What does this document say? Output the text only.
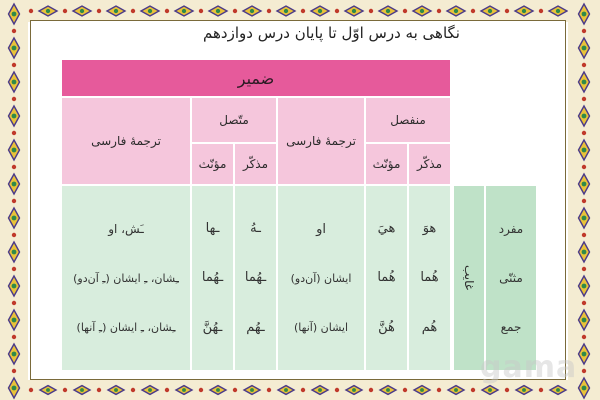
نگاهی به درس اوّل تا پایان درس دوازدهم
ضمیر
منفصل
ترجمهٔ فارسی
متّصل
ترجمهٔ فارسی
مذکّر
مؤنّث
مذکّر
مؤنّث
مفرد
مثنّی
جمع
غایب
هوَ
هُما
هُم
هيَ
هُما
هُنَّ
او
ایشان (آن‌دو)
ایشان (آنها)
ـهُ
ـهُما
ـهُم
ـها
ـهُما
ـهُنَّ
ـَش، او
ـِشان، ـِ ایشان (ـِ آن‌دو)
ـِشان، ـِ ایشان (ـِ آنها)
gama
